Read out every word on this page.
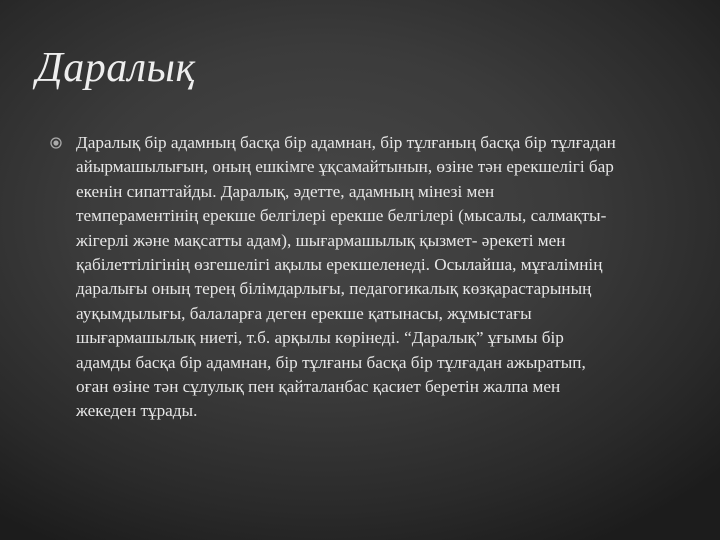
Даралық

Даралық бір адамның басқа бір адамнан, бір тұлғаның басқа бір тұлғадан айырмашылығын, оның ешкімге ұқсамайтынын, өзіне тән ерекшелігі бар екенін сипаттайды. Даралық, әдетте, адамның мінезі мен темпераментінің ерекше белгілері ерекше белгілері (мысалы, салмақты- жігерлі және мақсатты адам), шығармашылық қызмет- әрекеті мен қабілеттілігінің өзгешелігі ақылы ерекшеленеді. Осылайша, мұғалімнің даралығы оның терең білімдарлығы, педагогикалық көзқарастарының ауқымдылығы, балаларға деген ерекше қатынасы, жұмыстағы шығармашылық ниеті, т.б. арқылы көрінеді. “Даралық” ұғымы бір адамды басқа бір адамнан, бір тұлғаны басқа бір тұлғадан ажыратып, оған өзіне тән сұлулық пен қайталанбас қасиет беретін жалпа мен жекеден тұрады.
